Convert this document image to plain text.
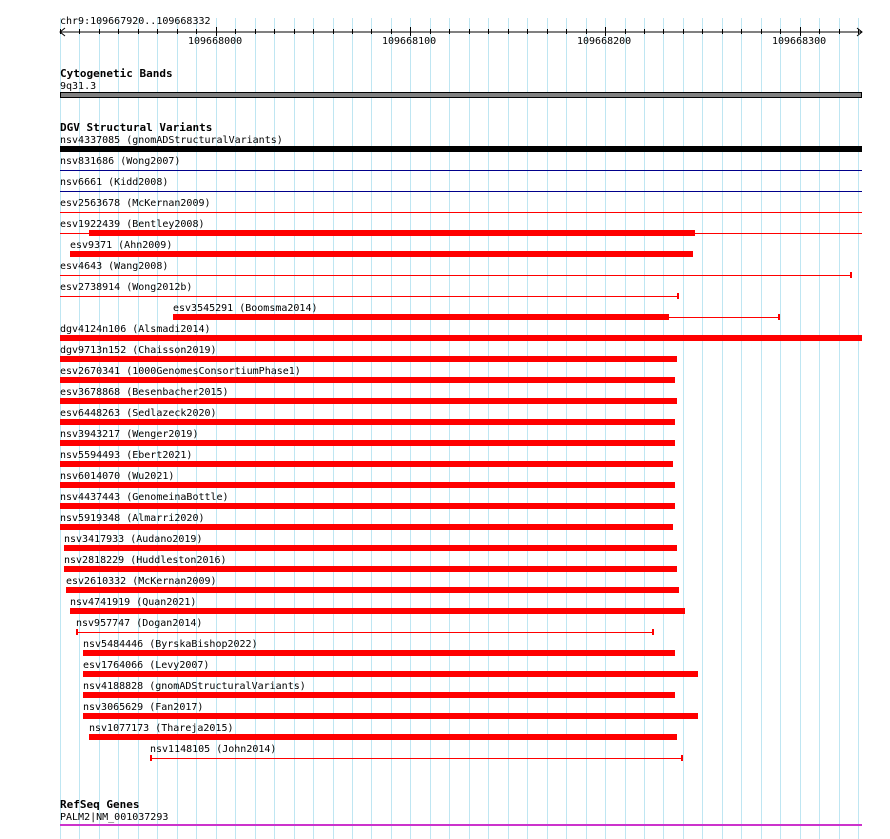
chr9:109667920..109668332
109668000	109668100	109668200	109668300
Cytogenetic Bands
9q31.3
DGV Structural Variants
nsv4337085 (gnomADStructuralVariants)
nsv831686 (Wong2007)
nsv6661 (Kidd2008)
esv2563678 (McKernan2009)
esv1922439 (Bentley2008)
esv9371 (Ahn2009)
esv4643 (Wang2008)
esv2738914 (Wong2012b)
esv3545291 (Boomsma2014)
dgv4124n106 (Alsmadi2014)
dgv9713n152 (Chaisson2019)
esv2670341 (1000GenomesConsortiumPhase1)
esv3678868 (Besenbacher2015)
esv6448263 (Sedlazeck2020)
nsv3943217 (Wenger2019)
nsv5594493 (Ebert2021)
nsv6014070 (Wu2021)
nsv4437443 (GenomeinaBottle)
nsv5919348 (Almarri2020)
nsv3417933 (Audano2019)
nsv2818229 (Huddleston2016)
esv2610332 (McKernan2009)
nsv4741919 (Quan2021)
nsv957747 (Dogan2014)
nsv5484446 (ByrskaBishop2022)
esv1764066 (Levy2007)
nsv4188828 (gnomADStructuralVariants)
nsv3065629 (Fan2017)
nsv1077173 (Thareja2015)
nsv1148105 (John2014)
RefSeq Genes
PALM2|NM_001037293
